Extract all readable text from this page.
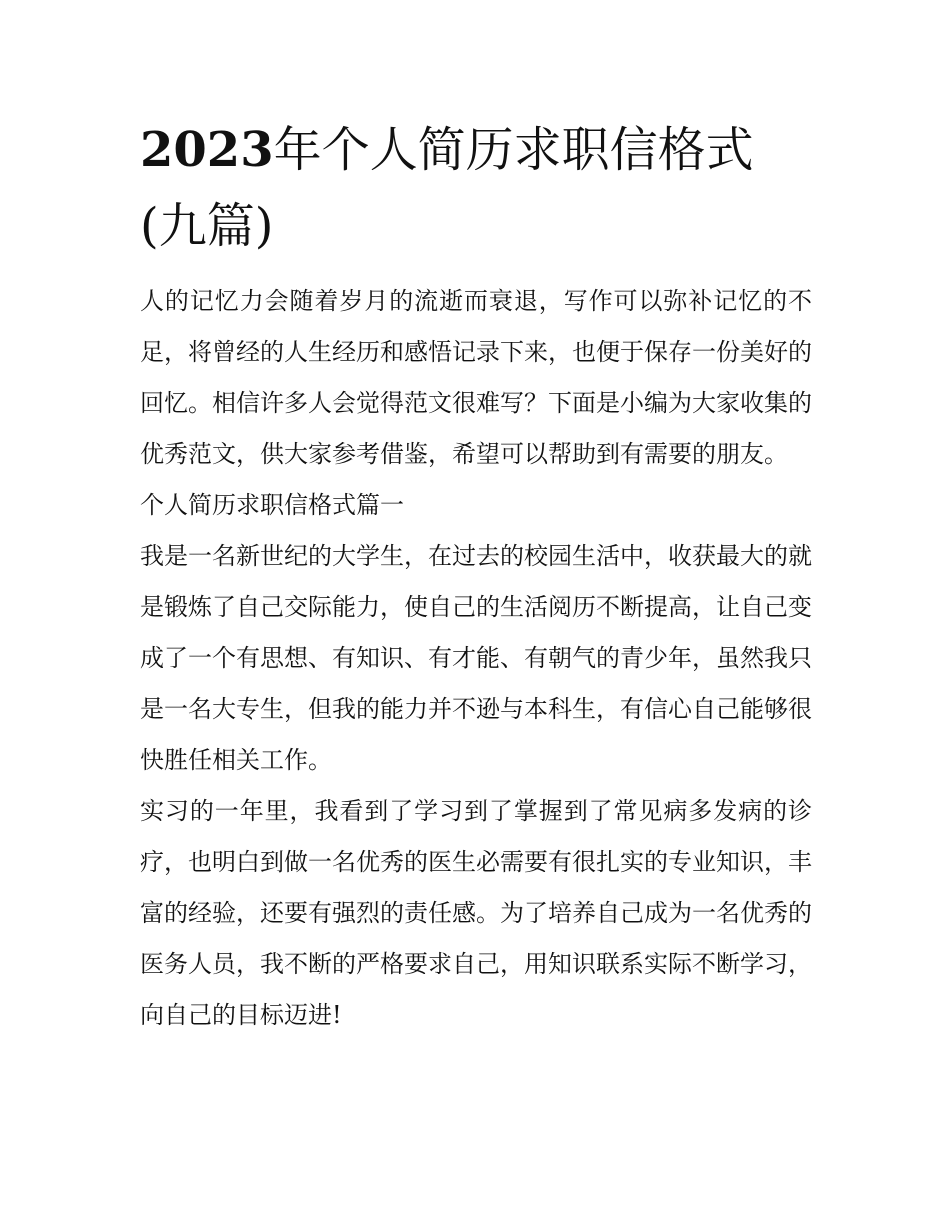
2023年个人简历求职信格式(九篇)

人的记忆力会随着岁月的流逝而衰退，写作可以弥补记忆的不足，将曾经的人生经历和感悟记录下来，也便于保存一份美好的回忆。相信许多人会觉得范文很难写？下面是小编为大家收集的优秀范文，供大家参考借鉴，希望可以帮助到有需要的朋友。

个人简历求职信格式篇一

我是一名新世纪的大学生，在过去的校园生活中，收获最大的就是锻炼了自己交际能力，使自己的生活阅历不断提高，让自己变成了一个有思想、有知识、有才能、有朝气的青少年，虽然我只是一名大专生，但我的能力并不逊与本科生，有信心自己能够很快胜任相关工作。

实习的一年里，我看到了学习到了掌握到了常见病多发病的诊疗，也明白到做一名优秀的医生必需要有很扎实的专业知识，丰富的经验，还要有强烈的责任感。为了培养自己成为一名优秀的医务人员，我不断的严格要求自己，用知识联系实际不断学习，向自己的目标迈进!
